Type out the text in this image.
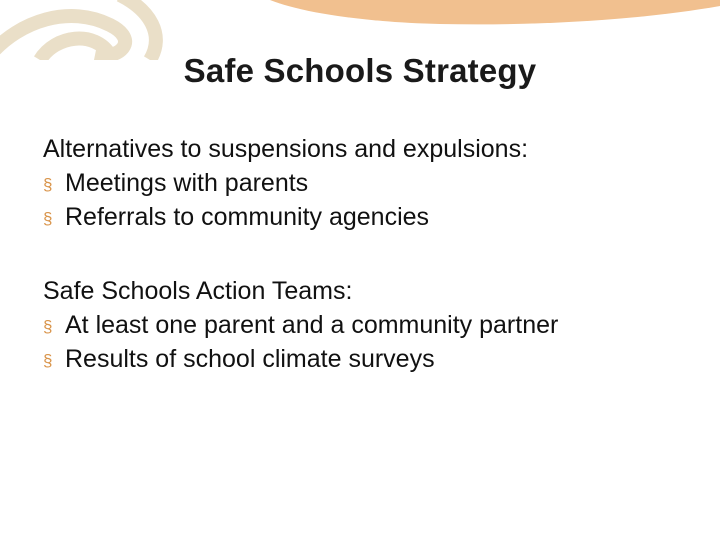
Safe Schools Strategy
Alternatives to suspensions and expulsions:
§ Meetings with parents
§ Referrals to community agencies
Safe Schools Action Teams:
§ At least one parent and a community partner
§ Results of school climate surveys
